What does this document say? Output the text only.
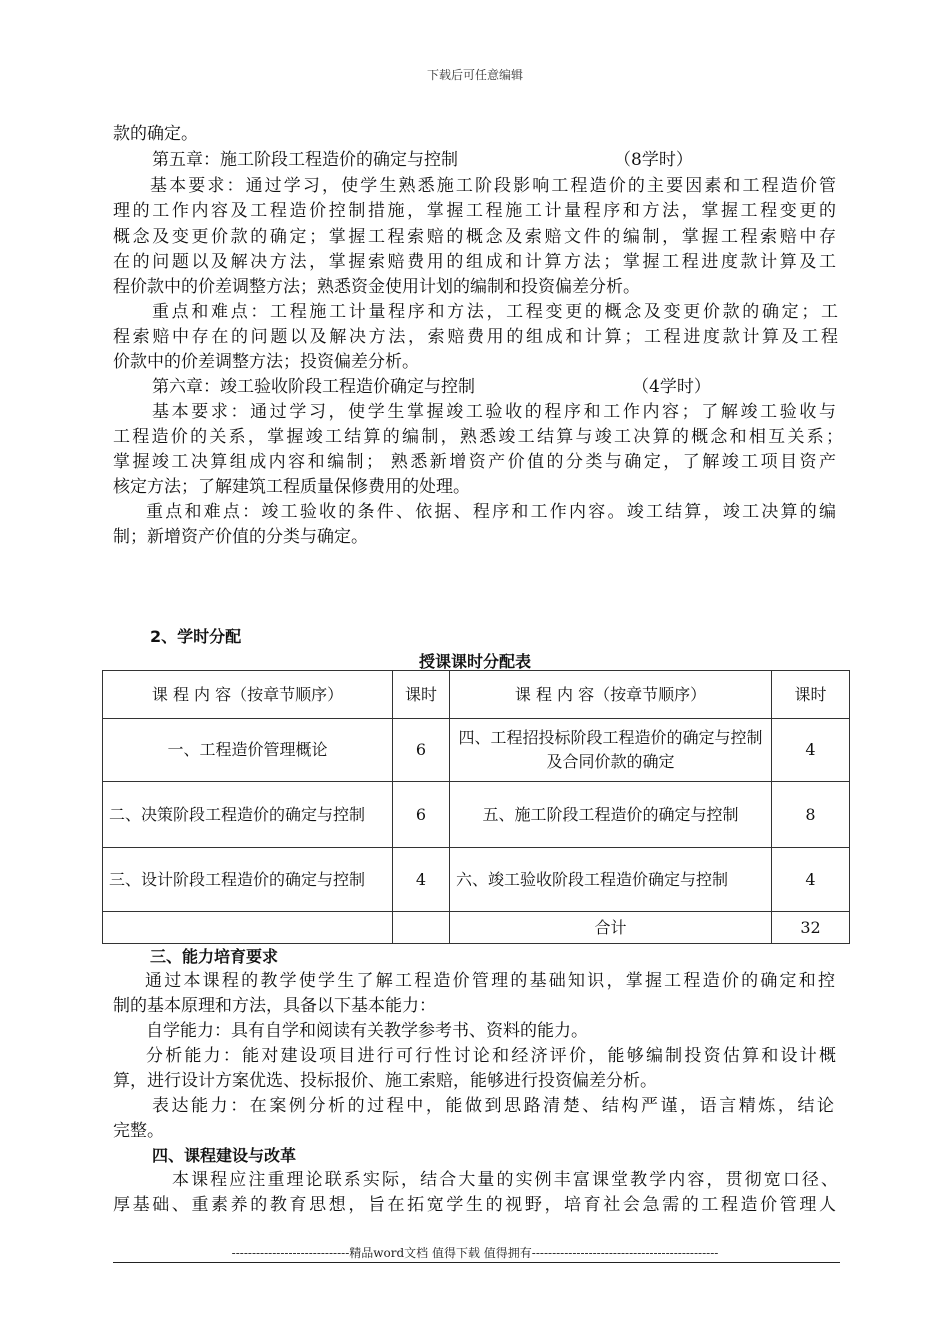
下载后可任意编辑
款的确定。
第五章：施工阶段工程造价的确定与控制	（8学时）
基本要求：通过学习，使学生熟悉施工阶段影响工程造价的主要因素和工程造价管
理的工作内容及工程造价控制措施，掌握工程施工计量程序和方法，掌握工程变更的
概念及变更价款的确定；掌握工程索赔的概念及索赔文件的编制，掌握工程索赔中存
在的问题以及解决方法，掌握索赔费用的组成和计算方法；掌握工程进度款计算及工
程价款中的价差调整方法；熟悉资金使用计划的编制和投资偏差分析。
重点和难点：工程施工计量程序和方法，工程变更的概念及变更价款的确定；工
程索赔中存在的问题以及解决方法，索赔费用的组成和计算；工程进度款计算及工程
价款中的价差调整方法；投资偏差分析。
第六章：竣工验收阶段工程造价确定与控制	（4学时）
基本要求：通过学习，使学生掌握竣工验收的程序和工作内容；了解竣工验收与
工程造价的关系，掌握竣工结算的编制，熟悉竣工结算与竣工决算的概念和相互关系；
掌握竣工决算组成内容和编制； 熟悉新增资产价值的分类与确定，了解竣工项目资产
核定方法；了解建筑工程质量保修费用的处理。
重点和难点：竣工验收的条件、依据、程序和工作内容。竣工结算，竣工决算的编
制；新增资产价值的分类与确定。
2、学时分配
授课课时分配表
课 程 内 容（按章节顺序）	课时	课 程 内 容（按章节顺序）	课时
一、工程造价管理概论	6	四、工程招投标阶段工程造价的确定与控制及合同价款的确定	4
二、决策阶段工程造价的确定与控制	6	五、施工阶段工程造价的确定与控制	8
三、设计阶段工程造价的确定与控制	4	六、竣工验收阶段工程造价确定与控制	4
		合计	32
三、能力培育要求
通过本课程的教学使学生了解工程造价管理的基础知识，掌握工程造价的确定和控
制的基本原理和方法，具备以下基本能力：
自学能力：具有自学和阅读有关教学参考书、资料的能力。
分析能力：能对建设项目进行可行性讨论和经济评价，能够编制投资估算和设计概
算，进行设计方案优选、投标报价、施工索赔，能够进行投资偏差分析。
表达能力：在案例分析的过程中，能做到思路清楚、结构严谨，语言精炼，结论
完整。
四、课程建设与改革
本课程应注重理论联系实际，结合大量的实例丰富课堂教学内容，贯彻宽口径、
厚基础、重素养的教育思想，旨在拓宽学生的视野，培育社会急需的工程造价管理人
-----------------------------精品word文档 值得下载 值得拥有----------------------------------------------
